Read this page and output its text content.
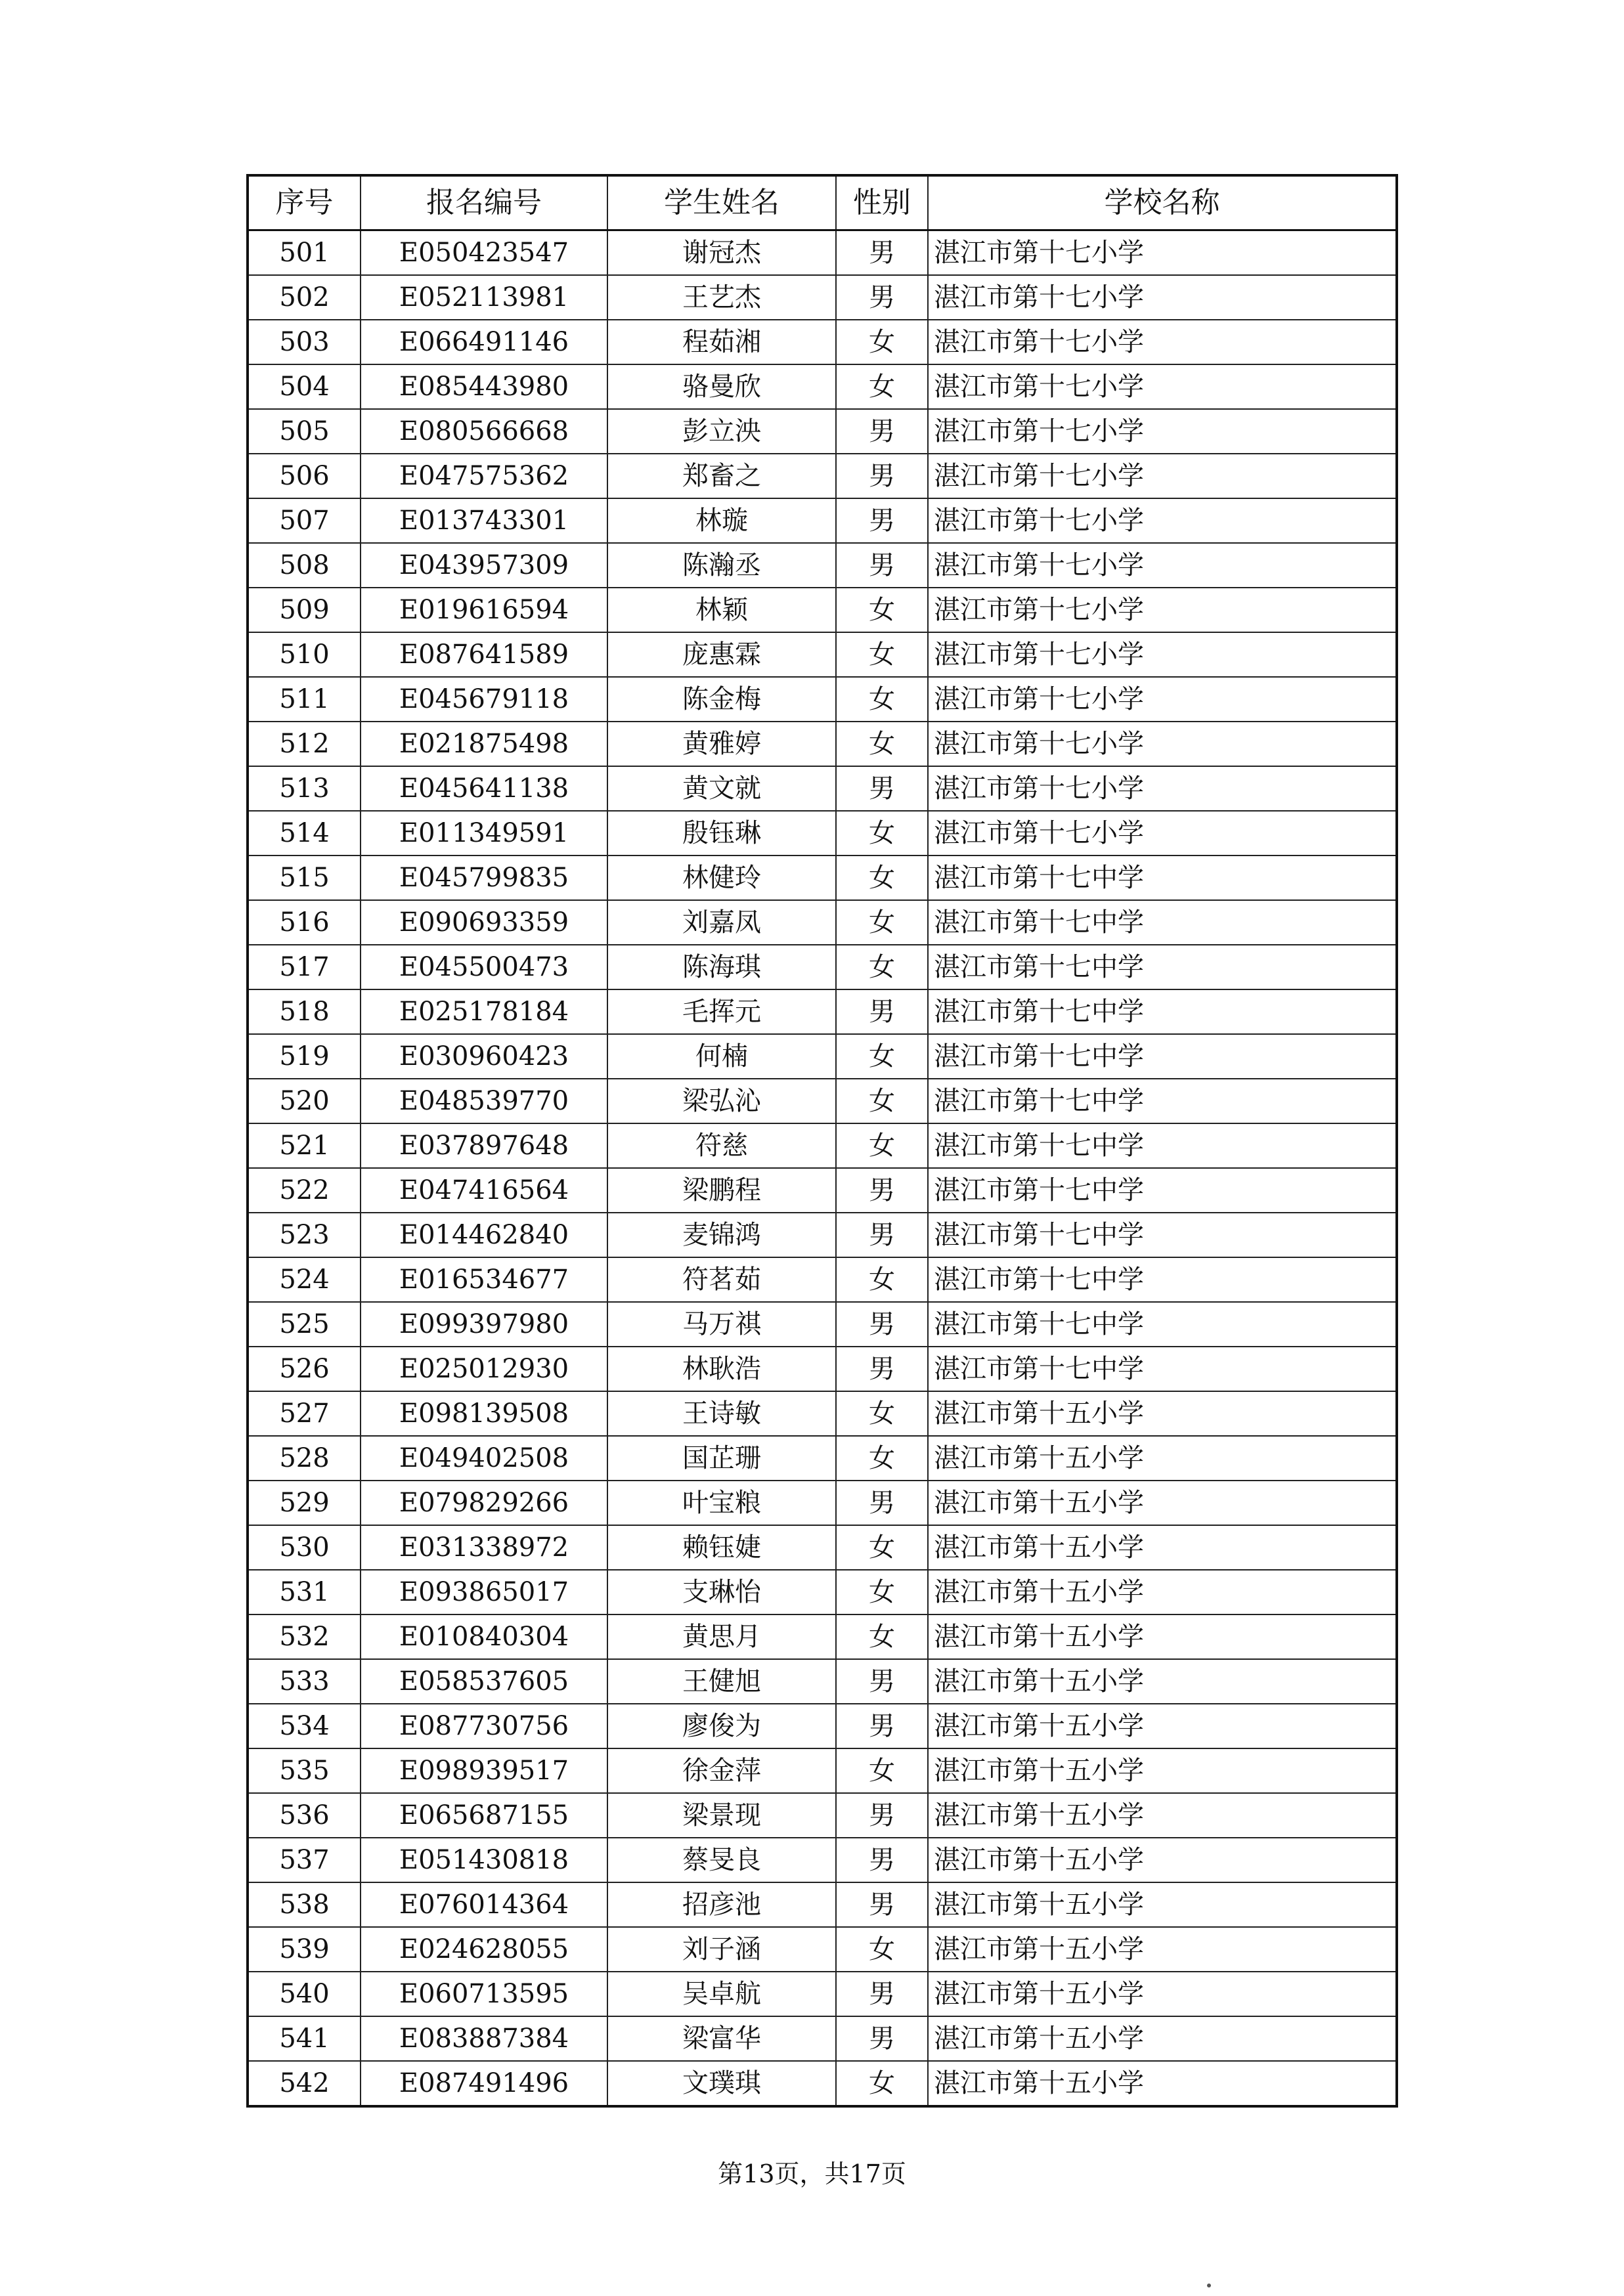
序号	报名编号	学生姓名	性别	学校名称
501	E050423547	谢冠杰	男	湛江市第十七小学
502	E052113981	王艺杰	男	湛江市第十七小学
503	E066491146	程茹湘	女	湛江市第十七小学
504	E085443980	骆曼欣	女	湛江市第十七小学
505	E080566668	彭立泱	男	湛江市第十七小学
506	E047575362	郑畜之	男	湛江市第十七小学
507	E013743301	林璇	男	湛江市第十七小学
508	E043957309	陈瀚丞	男	湛江市第十七小学
509	E019616594	林颖	女	湛江市第十七小学
510	E087641589	庞惠霖	女	湛江市第十七小学
511	E045679118	陈金梅	女	湛江市第十七小学
512	E021875498	黄雅婷	女	湛江市第十七小学
513	E045641138	黄文就	男	湛江市第十七小学
514	E011349591	殷钰琳	女	湛江市第十七小学
515	E045799835	林健玲	女	湛江市第十七中学
516	E090693359	刘嘉凤	女	湛江市第十七中学
517	E045500473	陈海琪	女	湛江市第十七中学
518	E025178184	毛挥元	男	湛江市第十七中学
519	E030960423	何楠	女	湛江市第十七中学
520	E048539770	梁弘沁	女	湛江市第十七中学
521	E037897648	符慈	女	湛江市第十七中学
522	E047416564	梁鹏程	男	湛江市第十七中学
523	E014462840	麦锦鸿	男	湛江市第十七中学
524	E016534677	符茗茹	女	湛江市第十七中学
525	E099397980	马万祺	男	湛江市第十七中学
526	E025012930	林耿浩	男	湛江市第十七中学
527	E098139508	王诗敏	女	湛江市第十五小学
528	E049402508	国芷珊	女	湛江市第十五小学
529	E079829266	叶宝粮	男	湛江市第十五小学
530	E031338972	赖钰婕	女	湛江市第十五小学
531	E093865017	支琳怡	女	湛江市第十五小学
532	E010840304	黄思月	女	湛江市第十五小学
533	E058537605	王健旭	男	湛江市第十五小学
534	E087730756	廖俊为	男	湛江市第十五小学
535	E098939517	徐金萍	女	湛江市第十五小学
536	E065687155	梁景现	男	湛江市第十五小学
537	E051430818	蔡旻良	男	湛江市第十五小学
538	E076014364	招彦池	男	湛江市第十五小学
539	E024628055	刘子涵	女	湛江市第十五小学
540	E060713595	吴卓航	男	湛江市第十五小学
541	E083887384	梁富华	男	湛江市第十五小学
542	E087491496	文璞琪	女	湛江市第十五小学
第13页，共17页
